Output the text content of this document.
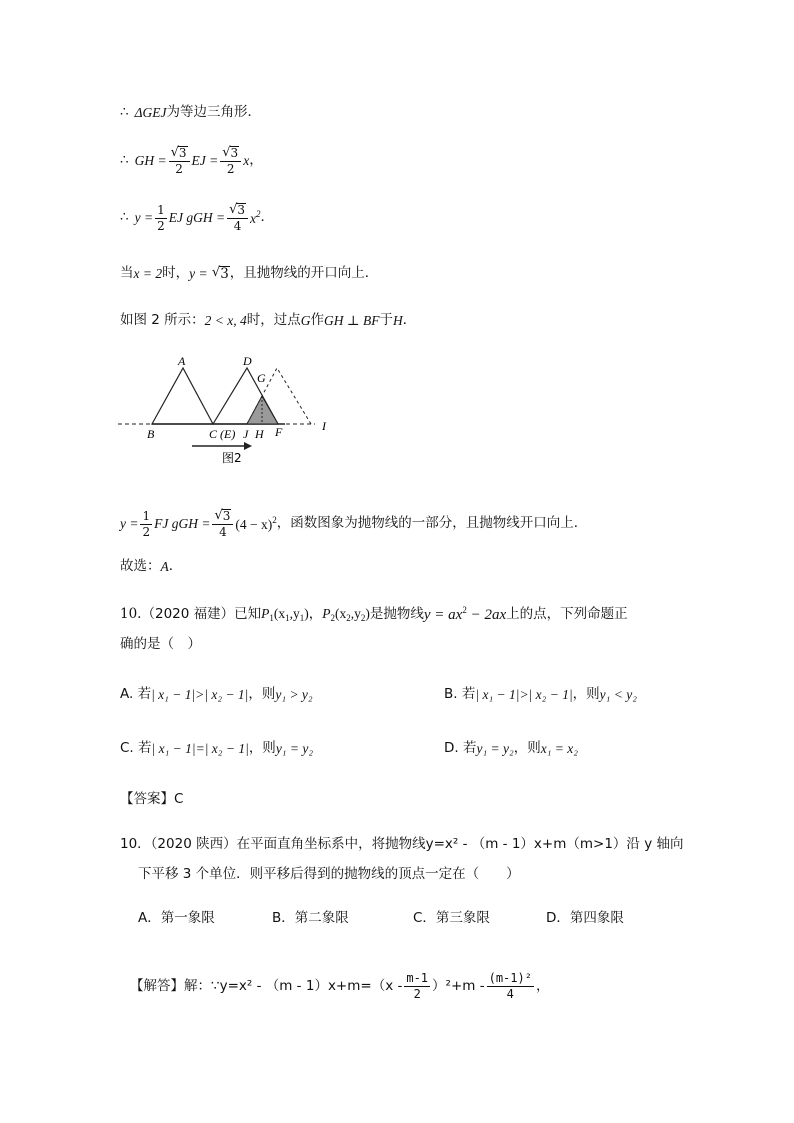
∴ ΔGEJ 为等边三角形．
∴ GH = $\frac{√ 3}{2}$ EJ = $\frac{√ 3}{2}$ x ，
∴ $y = \frac{1}{2}$ EJ gGH = $\frac{√ 3}{4} x^2$ ．
当 x = 2 时， y =
√ 3 ，且抛物线的开口向上．
如图 2 所示： 2 < x, 4 时，过点 G 作 GH ⊥ BF 于 H ．
A	D
G
B	C (E) J H F	I
图2
$y = \frac{1}{2}$ FJ gGH = $\frac{√ 3}{4} (4 - x)^2$ ，函数图象为抛物线的一部分，且抛物线开口向上．
故选： A ．
10. （2020 福建）已知 $P_1(x_1,y_1)$ ， $P_2(x_2,y_2)$ 是抛物线 $y = ax^2 - 2ax$ 上的点，下列命题正
确的是（　）
A. 若 | x₁ − 1|>| x₂ − 1| ，则 y₁ > y₂	B. 若 | x₁ − 1|>| x₂ − 1| ，则 y₁ < y₂
C. 若 | x₁ − 1|=| x₂ − 1| ，则 y₁ = y₂	D. 若 y₁ = y₂ ，则 x₁ = x₂
【答案】C
10．（2020 陕西）在平面直角坐标系中，将抛物线y=x² - （m - 1）x+m（m>1）沿 y 轴向
下平移 3 个单位．则平移后得到的抛物线的顶点一定在（　　）
A．第一象限	B．第二象限	C．第三象限	D．第四象限
【解答】解：∵y=x² - $(m - 1)x+m=(x - \frac{m-1}{2} )^2+m - \frac{\text{(m-1)²}}{4}$ ，
